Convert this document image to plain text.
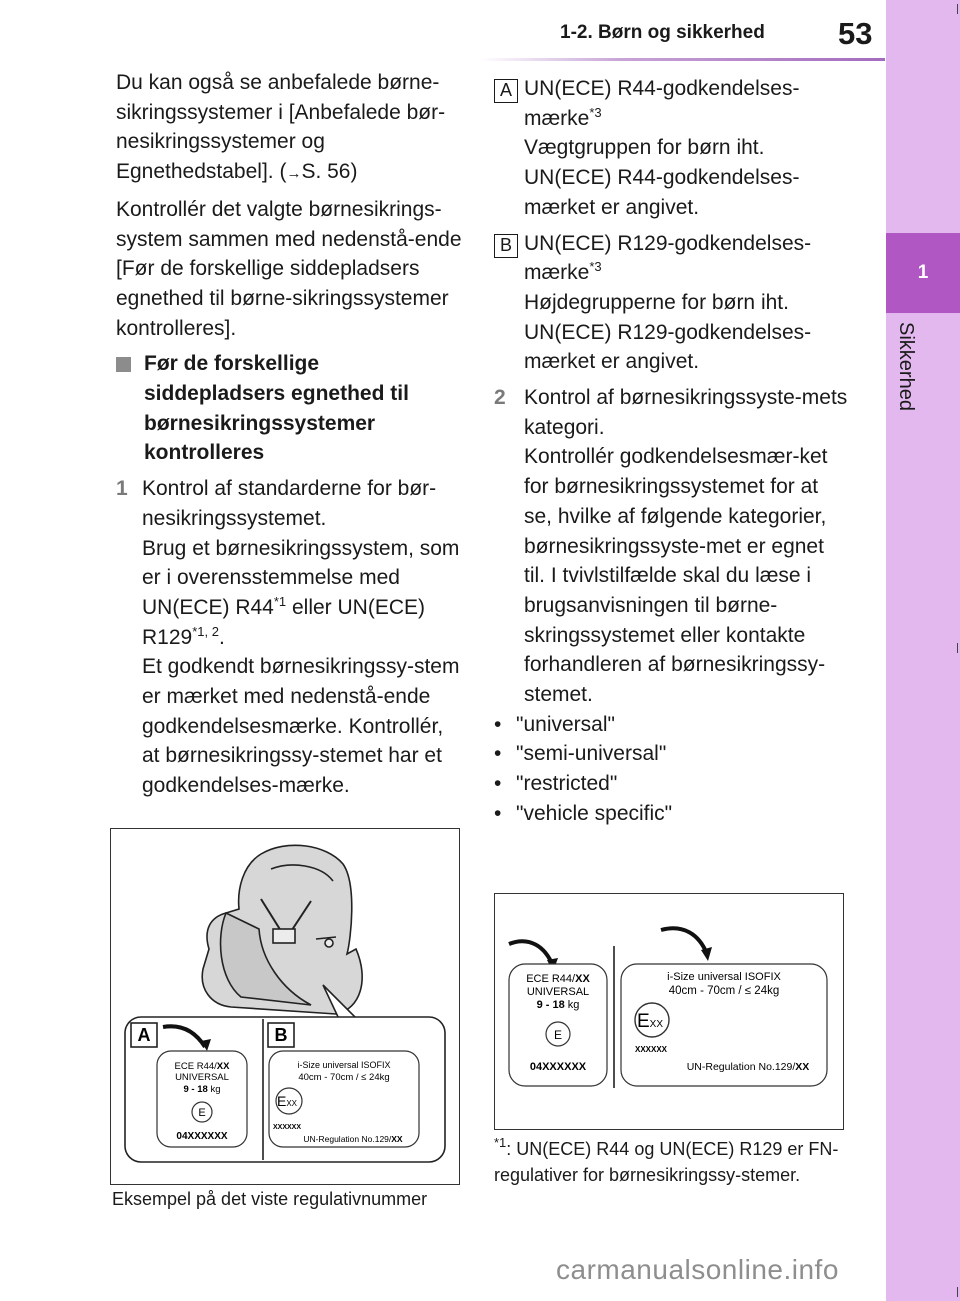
1-2. Børn og sikkerhed 53
1
Sikkerhed
Du kan også se anbefalede børne-sikringssystemer i [Anbefalede bør-nesikringssystemer og Egnethedstabel]. (→S. 56)
Kontrollér det valgte børnesikrings-system sammen med nedenstå-ende [Før de forskellige siddepladsers egnethed til børne-sikringssystemer kontrolleres].
Før de forskellige siddepladsers egnethed til børnesikringssystemer kontrolleres
1 Kontrol af standarderne for bør-nesikringssystemet.
Brug et børnesikringssystem, som er i overensstemmelse med UN(ECE) R44$^{*1}$ eller UN(ECE) R129$^{*1, 2}$.
Et godkendt børnesikringssy-stem er mærket med nedenstå-ende godkendelsesmærke. Kontrollér, at børnesikringssy-stemet har et godkendelses-mærke.
A UN(ECE) R44-godkendelses-mærke$^{*3}$
Vægtgruppen for børn iht. UN(ECE) R44-godkendelses-mærket er angivet.
B UN(ECE) R129-godkendelses-mærke$^{*3}$
Højdegrupperne for børn iht. UN(ECE) R129-godkendelses-mærket er angivet.
2 Kontrol af børnesikringssyste-mets kategori.
Kontrollér godkendelsesmær-ket for børnesikringssystemet for at se, hvilke af følgende kategorier, børnesikringssyste-met er egnet til. I tvivlstilfælde skal du læse i brugsanvisningen til børne-skringssystemet eller kontakte forhandleren af børnesikringssy-stemet.
• "universal"
• "semi-universal"
• "restricted"
• "vehicle specific"
A	B
ECE R44/XX
UNIVERSAL
9 - 18 kg
E
04XXXXXX
i-Size universal ISOFIX
40cm - 70cm / ≤ 24kg
EXX
XXXXXX
UN-Regulation No.129/XX
Eksempel på det viste regulativnummer
ECE R44/XX
UNIVERSAL
9 - 18 kg
E
04XXXXXX
i-Size universal ISOFIX
40cm - 70cm / ≤ 24kg
EXX
XXXXXX
UN-Regulation No.129/XX
$^{*1}$: UN(ECE) R44 og UN(ECE) R129 er FN-regulativer for børnesikringssy-stemer.
carmanualsonline.info
